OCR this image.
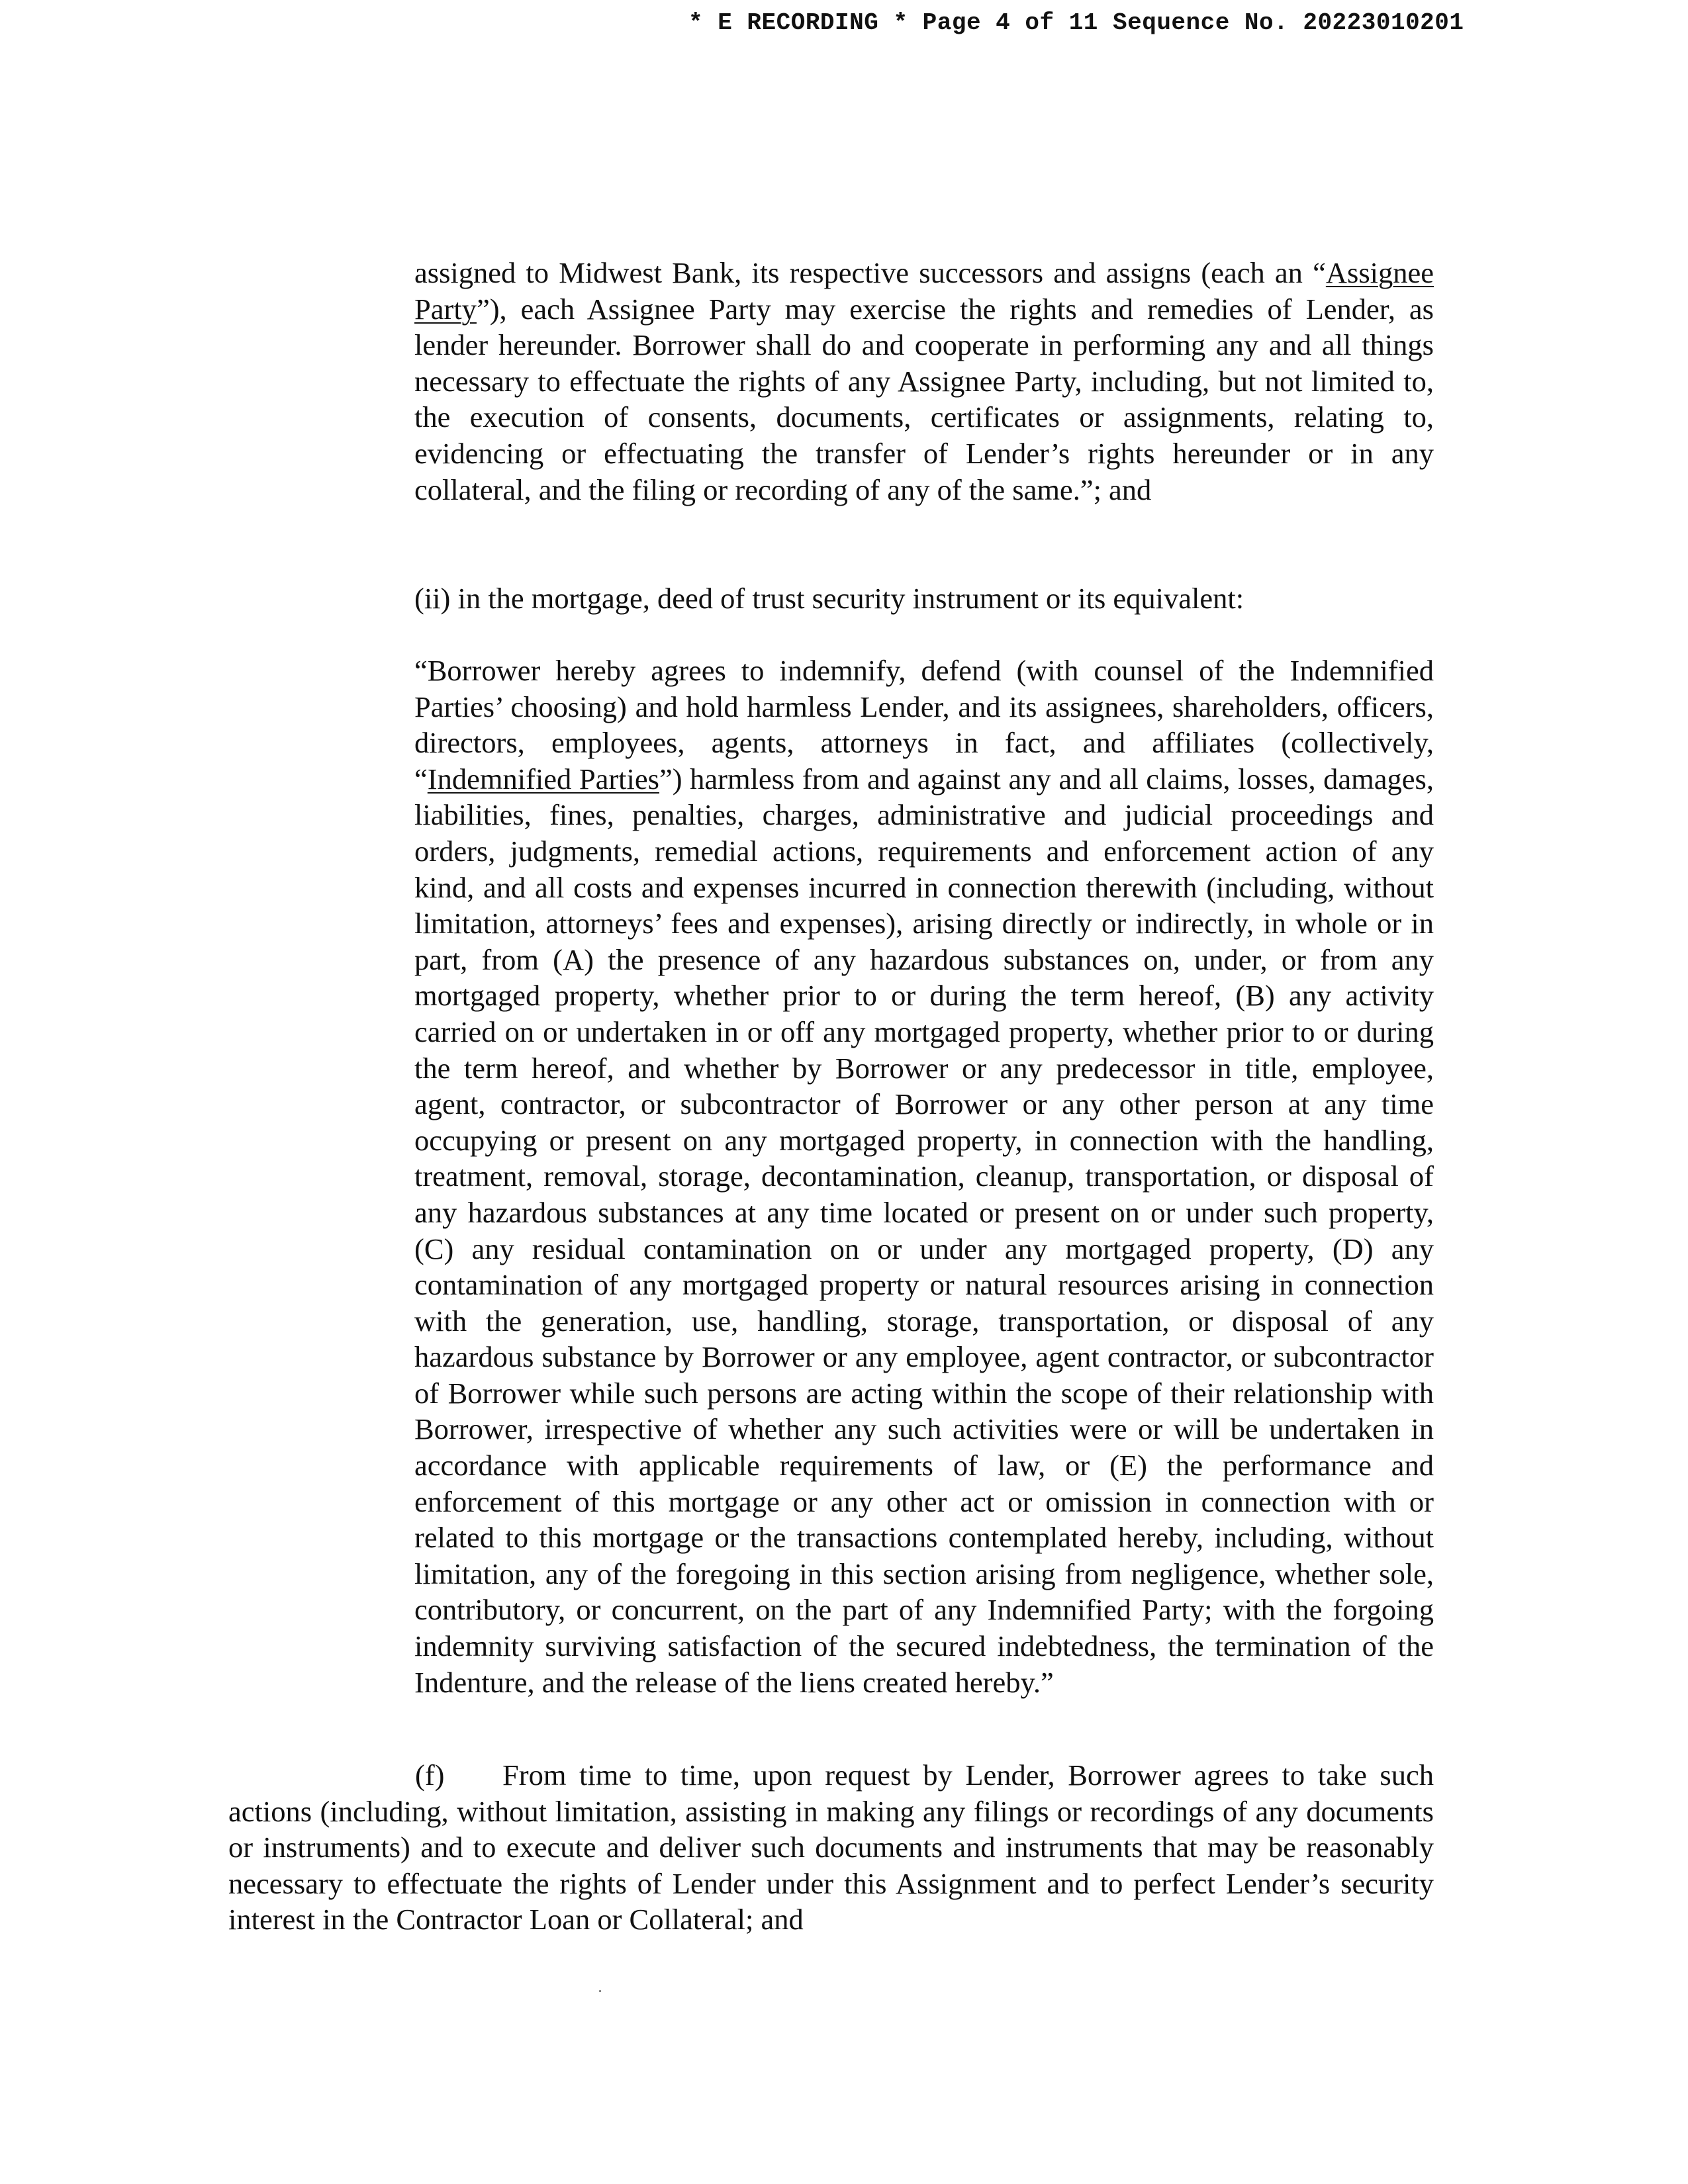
* E RECORDING * Page 4 of 11 Sequence No. 20223010201

assigned to Midwest Bank, its respective successors and assigns (each an “Assignee Party”), each Assignee Party may exercise the rights and remedies of Lender, as lender hereunder. Borrower shall do and cooperate in performing any and all things necessary to effectuate the rights of any Assignee Party, including, but not limited to, the execution of consents, documents, certificates or assignments, relating to, evidencing or effectuating the transfer of Lender’s rights hereunder or in any collateral, and the filing or recording of any of the same.”; and

(ii) in the mortgage, deed of trust security instrument or its equivalent:

“Borrower hereby agrees to indemnify, defend (with counsel of the Indemnified Parties’ choosing) and hold harmless Lender, and its assignees, shareholders, officers, directors, employees, agents, attorneys in fact, and affiliates (collectively, “Indemnified Parties”) harmless from and against any and all claims, losses, damages, liabilities, fines, penalties, charges, administrative and judicial proceedings and orders, judgments, remedial actions, requirements and enforcement action of any kind, and all costs and expenses incurred in connection therewith (including, without limitation, attorneys’ fees and expenses), arising directly or indirectly, in whole or in part, from (A) the presence of any hazardous substances on, under, or from any mortgaged property, whether prior to or during the term hereof, (B) any activity carried on or undertaken in or off any mortgaged property, whether prior to or during the term hereof, and whether by Borrower or any predecessor in title, employee, agent, contractor, or subcontractor of Borrower or any other person at any time occupying or present on any mortgaged property, in connection with the handling, treatment, removal, storage, decontamination, cleanup, transportation, or disposal of any hazardous substances at any time located or present on or under such property, (C) any residual contamination on or under any mortgaged property, (D) any contamination of any mortgaged property or natural resources arising in connection with the generation, use, handling, storage, transportation, or disposal of any hazardous substance by Borrower or any employee, agent contractor, or subcontractor of Borrower while such persons are acting within the scope of their relationship with Borrower, irrespective of whether any such activities were or will be undertaken in accordance with applicable requirements of law, or (E) the performance and enforcement of this mortgage or any other act or omission in connection with or related to this mortgage or the transactions contemplated hereby, including, without limitation, any of the foregoing in this section arising from negligence, whether sole, contributory, or concurrent, on the part of any Indemnified Party; with the forgoing indemnity surviving satisfaction of the secured indebtedness, the termination of the Indenture, and the release of the liens created hereby.”

(f) From time to time, upon request by Lender, Borrower agrees to take such actions (including, without limitation, assisting in making any filings or recordings of any documents or instruments) and to execute and deliver such documents and instruments that may be reasonably necessary to effectuate the rights of Lender under this Assignment and to perfect Lender’s security interest in the Contractor Loan or Collateral; and
